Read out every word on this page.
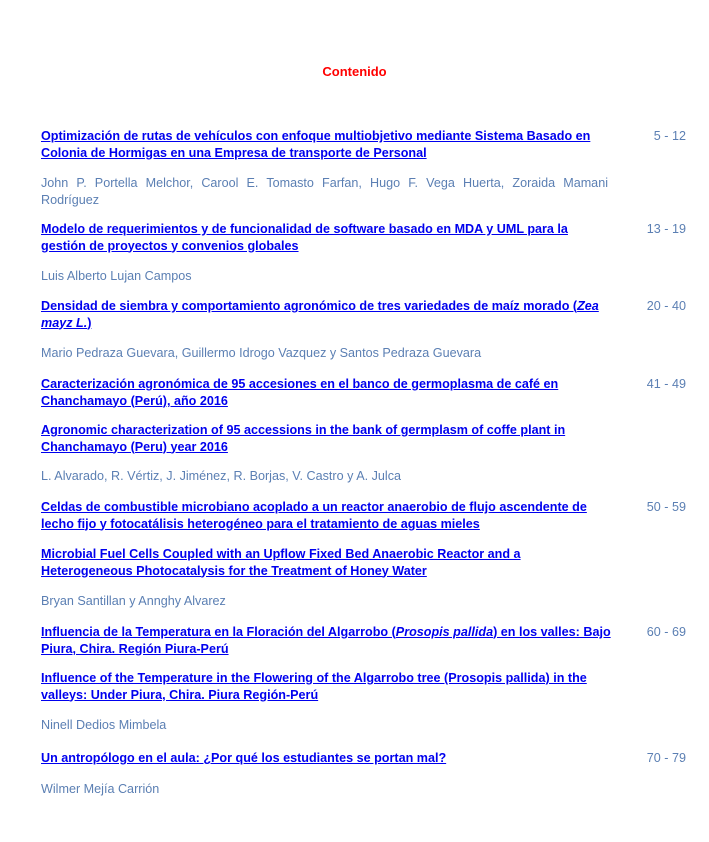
Contenido
Optimización de rutas de vehículos con enfoque multiobjetivo mediante Sistema Basado en Colonia de Hormigas en una Empresa de transporte de Personal
5 - 12
John P. Portella Melchor, Carool E. Tomasto Farfan, Hugo F. Vega Huerta, Zoraida Mamani Rodríguez
Modelo de requerimientos y de funcionalidad de software basado en MDA y UML para la gestión de proyectos y convenios globales
13 - 19
Luis Alberto Lujan Campos
Densidad de siembra y comportamiento agronómico de tres variedades de maíz morado (Zea mayz L.)
20 - 40
Mario Pedraza Guevara, Guillermo Idrogo Vazquez y Santos Pedraza Guevara
Caracterización agronómica de 95 accesiones en el banco de germoplasma de café en Chanchamayo (Perú), año 2016
41 - 49
Agronomic characterization of 95 accessions in the bank of germplasm of coffe plant in Chanchamayo (Peru) year 2016
L. Alvarado, R. Vértiz, J. Jiménez, R. Borjas, V. Castro y A. Julca
Celdas de combustible microbiano acoplado a un reactor anaerobio de flujo ascendente de lecho fijo y fotocatálisis heterogéneo para el tratamiento de aguas mieles
50 - 59
Microbial Fuel Cells Coupled with an Upflow Fixed Bed Anaerobic Reactor and a Heterogeneous Photocatalysis for the Treatment of Honey Water
Bryan Santillan y Annghy Alvarez
Influencia de la Temperatura en la Floración del Algarrobo (Prosopis pallida) en los valles: Bajo Piura, Chira. Región Piura-Perú
60 - 69
Influence of the Temperature in the Flowering of the Algarrobo tree (Prosopis pallida) in the valleys: Under Piura, Chira. Piura Región-Perú
Ninell Dedios Mimbela
Un antropólogo en el aula: ¿Por qué los estudiantes se portan mal?	70 - 79
Wilmer Mejía Carrión
